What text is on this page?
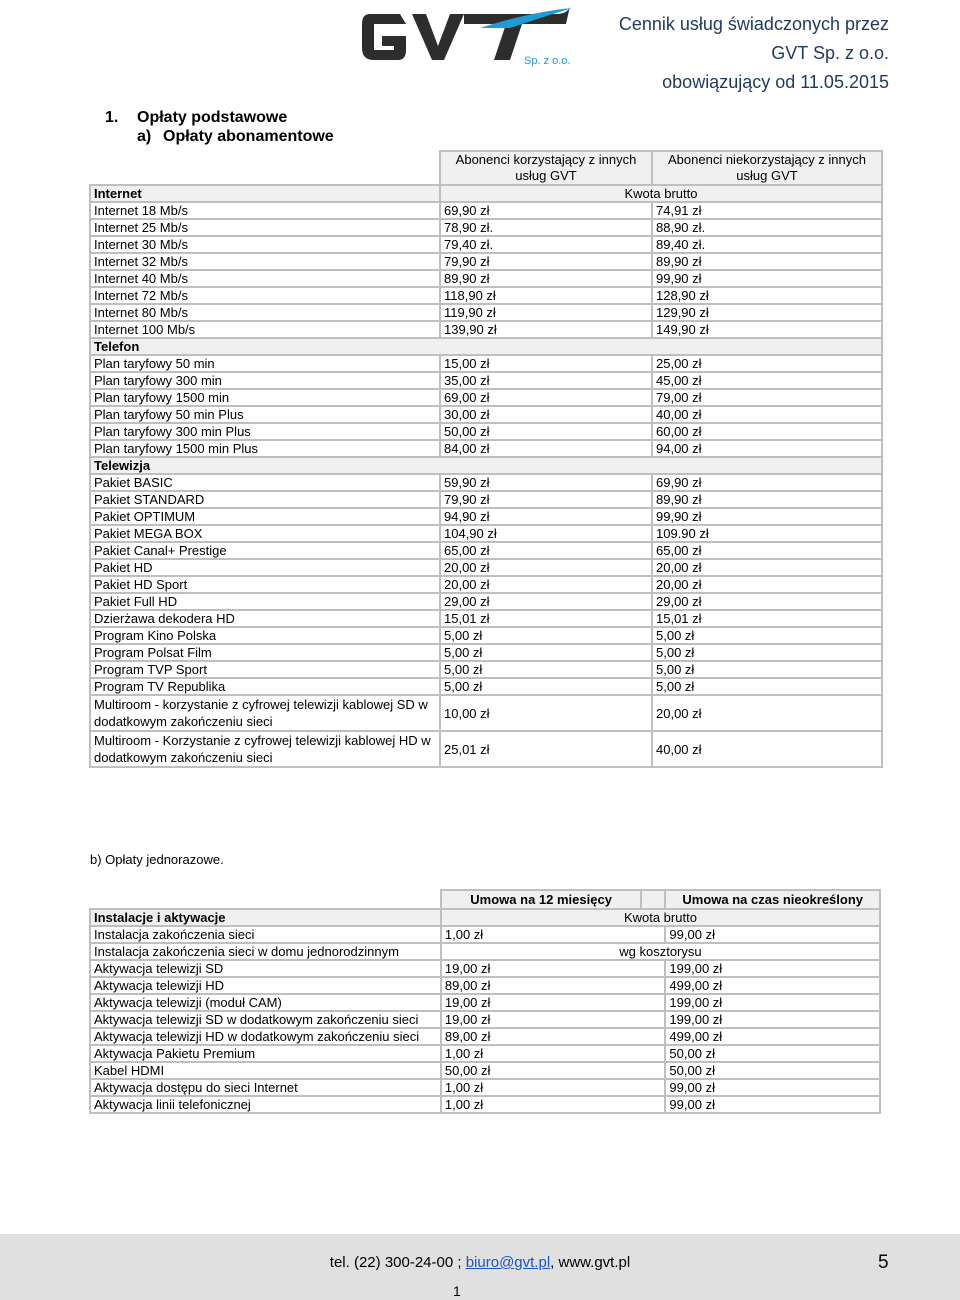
Sp. z o.o.
Cennik usług świadczonych przez
GVT Sp. z o.o.
obowiązujący od 11.05.2015
1. Opłaty podstawowe
a) Opłaty abonamentowe
	Abonenci korzystający z innych usług GVT	Abonenci niekorzystający z innych usług GVT
Internet	Kwota brutto	
Internet 18 Mb/s	69,90 zł	74,91 zł
Internet 25 Mb/s	78,90 zł.	88,90 zł.
Internet 30 Mb/s	79,40 zł.	89,40 zł.
Internet 32 Mb/s	79,90 zł	89,90 zł
Internet 40 Mb/s	89,90 zł	99,90 zł
Internet 72 Mb/s	118,90 zł	128,90 zł
Internet 80 Mb/s	119,90 zł	129,90 zł
Internet 100 Mb/s	139,90 zł	149,90 zł
Telefon		
Plan taryfowy 50 min	15,00 zł	25,00 zł
Plan taryfowy 300 min	35,00 zł	45,00 zł
Plan taryfowy 1500 min	69,00 zł	79,00 zł
Plan taryfowy 50 min Plus	30,00 zł	40,00 zł
Plan taryfowy 300 min Plus	50,00 zł	60,00 zł
Plan taryfowy 1500 min Plus	84,00 zł	94,00 zł
Telewizja		
Pakiet BASIC	59,90 zł	69,90 zł
Pakiet STANDARD	79,90 zł	89,90 zł
Pakiet OPTIMUM	94,90 zł	99,90 zł
Pakiet MEGA BOX	104,90 zł	109.90 zł
Pakiet Canal+ Prestige	65,00 zł	65,00 zł
Pakiet HD	20,00 zł	20,00 zł
Pakiet HD Sport	20,00 zł	20,00 zł
Pakiet Full HD	29,00 zł	29,00 zł
Dzierżawa dekodera HD	15,01 zł	15,01 zł
Program Kino Polska	5,00 zł	5,00 zł
Program Polsat Film	5,00 zł	5,00 zł
Program TVP Sport	5,00 zł	5,00 zł
Program TV Republika	5,00 zł	5,00 zł
Multiroom - korzystanie z cyfrowej telewizji kablowej SD w dodatkowym zakończeniu sieci	10,00 zł	20,00 zł
Multiroom - Korzystanie z cyfrowej telewizji kablowej HD w dodatkowym zakończeniu sieci	25,01 zł	40,00 zł
b) Opłaty jednorazowe.
	Umowa na 12 miesięcy		Umowa na czas nieokreślony
Instalacje i aktywacje	Kwota brutto		
Instalacja zakończenia sieci	1,00 zł		99,00 zł
Instalacja zakończenia sieci w domu jednorodzinnym	wg kosztorysu		
Aktywacja telewizji SD	19,00 zł		199,00 zł
Aktywacja telewizji HD	89,00 zł		499,00 zł
Aktywacja telewizji (moduł CAM)	19,00 zł		199,00 zł
Aktywacja telewizji SD w dodatkowym zakończeniu sieci	19,00 zł		199,00 zł
Aktywacja telewizji HD w dodatkowym zakończeniu sieci	89,00 zł		499,00 zł
Aktywacja Pakietu Premium	1,00 zł		50,00 zł
Kabel HDMI	50,00 zł		50,00 zł
Aktywacja dostępu do sieci Internet	1,00 zł		99,00 zł
Aktywacja linii telefonicznej	1,00 zł		99,00 zł
tel. (22) 300-24-00 ; biuro@gvt.pl, www.gvt.pl	5
1
